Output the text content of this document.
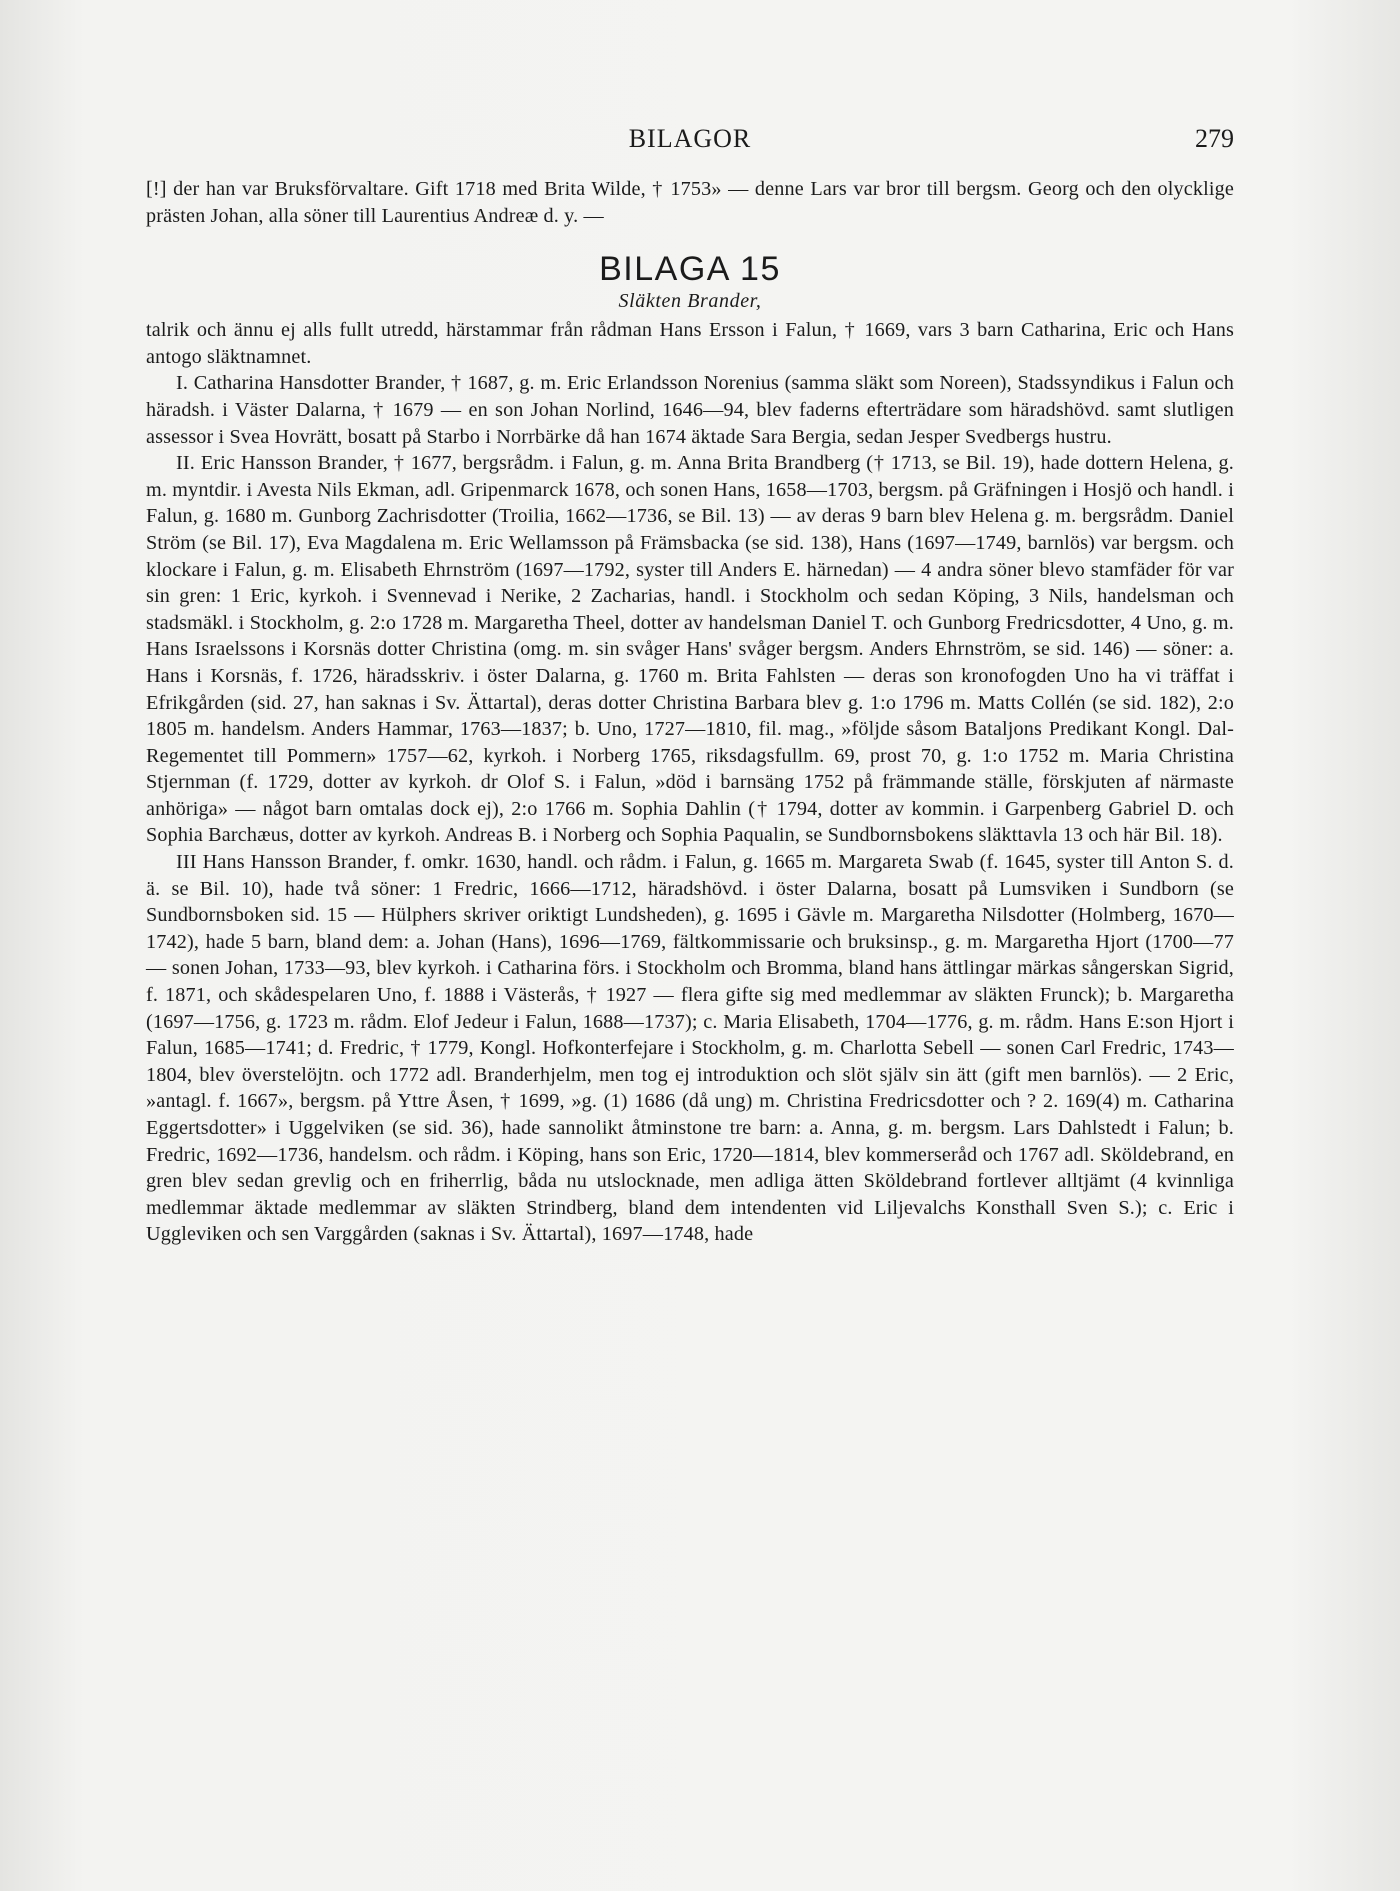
BILAGOR	279

[!] der han var Bruksförvaltare. Gift 1718 med Brita Wilde, † 1753» — denne Lars var bror till bergsm. Georg och den olycklige prästen Johan, alla söner till Laurentius Andreæ d. y. —

BILAGA 15

Släkten Brander,

talrik och ännu ej alls fullt utredd, härstammar från rådman Hans Ersson i Falun, † 1669, vars 3 barn Catharina, Eric och Hans antogo släktnamnet.

I. Catharina Hansdotter Brander, † 1687, g. m. Eric Erlandsson Norenius (samma släkt som Noreen), Stadssyndikus i Falun och häradsh. i Väster Dalarna, † 1679 — en son Johan Norlind, 1646—94, blev faderns efterträdare som häradshövd. samt slutligen assessor i Svea Hovrätt, bosatt på Starbo i Norrbärke då han 1674 äktade Sara Bergia, sedan Jesper Svedbergs hustru.

II. Eric Hansson Brander, † 1677, bergsrådm. i Falun, g. m. Anna Brita Brandberg († 1713, se Bil. 19), hade dottern Helena, g. m. myntdir. i Avesta Nils Ekman, adl. Gripenmarck 1678, och sonen Hans, 1658—1703, bergsm. på Gräfningen i Hosjö och handl. i Falun, g. 1680 m. Gunborg Zachrisdotter (Troilia, 1662—1736, se Bil. 13) — av deras 9 barn blev Helena g. m. bergsrådm. Daniel Ström (se Bil. 17), Eva Magdalena m. Eric Wellamsson på Främsbacka (se sid. 138), Hans (1697—1749, barnlös) var bergsm. och klockare i Falun, g. m. Elisabeth Ehrnström (1697—1792, syster till Anders E. härnedan) — 4 andra söner blevo stamfäder för var sin gren: 1 Eric, kyrkoh. i Svennevad i Nerike, 2 Zacharias, handl. i Stockholm och sedan Köping, 3 Nils, handelsman och stadsmäkl. i Stockholm, g. 2:o 1728 m. Margaretha Theel, dotter av handelsman Daniel T. och Gunborg Fredricsdotter, 4 Uno, g. m. Hans Israelssons i Korsnäs dotter Christina (omg. m. sin svåger Hans' svåger bergsm. Anders Ehrnström, se sid. 146) — söner: a. Hans i Korsnäs, f. 1726, häradsskriv. i öster Dalarna, g. 1760 m. Brita Fahlsten — deras son kronofogden Uno ha vi träffat i Efrikgården (sid. 27, han saknas i Sv. Ättartal), deras dotter Christina Barbara blev g. 1:o 1796 m. Matts Collén (se sid. 182), 2:o 1805 m. handelsm. Anders Hammar, 1763—1837; b. Uno, 1727—1810, fil. mag., »följde såsom Bataljons Predikant Kongl. Dal-Regementet till Pommern» 1757—62, kyrkoh. i Norberg 1765, riksdagsfullm. 69, prost 70, g. 1:o 1752 m. Maria Christina Stjernman (f. 1729, dotter av kyrkoh. dr Olof S. i Falun, »död i barnsäng 1752 på främmande ställe, förskjuten af närmaste anhöriga» — något barn omtalas dock ej), 2:o 1766 m. Sophia Dahlin († 1794, dotter av kommin. i Garpenberg Gabriel D. och Sophia Barchæus, dotter av kyrkoh. Andreas B. i Norberg och Sophia Paqualin, se Sundbornsbokens släkttavla 13 och här Bil. 18).

III Hans Hansson Brander, f. omkr. 1630, handl. och rådm. i Falun, g. 1665 m. Margareta Swab (f. 1645, syster till Anton S. d. ä. se Bil. 10), hade två söner: 1 Fredric, 1666—1712, häradshövd. i öster Dalarna, bosatt på Lumsviken i Sundborn (se Sundbornsboken sid. 15 — Hülphers skriver oriktigt Lundsheden), g. 1695 i Gävle m. Margaretha Nilsdotter (Holmberg, 1670—1742), hade 5 barn, bland dem: a. Johan (Hans), 1696—1769, fältkommissarie och bruksinsp., g. m. Margaretha Hjort (1700—77 — sonen Johan, 1733—93, blev kyrkoh. i Catharina förs. i Stockholm och Bromma, bland hans ättlingar märkas sångerskan Sigrid, f. 1871, och skådespelaren Uno, f. 1888 i Västerås, † 1927 — flera gifte sig med medlemmar av släkten Frunck); b. Margaretha (1697—1756, g. 1723 m. rådm. Elof Jedeur i Falun, 1688—1737); c. Maria Elisabeth, 1704—1776, g. m. rådm. Hans E:son Hjort i Falun, 1685—1741; d. Fredric, † 1779, Kongl. Hofkonterfejare i Stockholm, g. m. Charlotta Sebell — sonen Carl Fredric, 1743—1804, blev överstelöjtn. och 1772 adl. Branderhjelm, men tog ej introduktion och slöt själv sin ätt (gift men barnlös). — 2 Eric, »antagl. f. 1667», bergsm. på Yttre Åsen, † 1699, »g. (1) 1686 (då ung) m. Christina Fredricsdotter och ? 2. 169(4) m. Catharina Eggertsdotter» i Uggelviken (se sid. 36), hade sannolikt åtminstone tre barn: a. Anna, g. m. bergsm. Lars Dahlstedt i Falun; b. Fredric, 1692—1736, handelsm. och rådm. i Köping, hans son Eric, 1720—1814, blev kommerseråd och 1767 adl. Sköldebrand, en gren blev sedan grevlig och en friherrlig, båda nu utslocknade, men adliga ätten Sköldebrand fortlever alltjämt (4 kvinnliga medlemmar äktade medlemmar av släkten Strindberg, bland dem intendenten vid Liljevalchs Konsthall Sven S.); c. Eric i Uggleviken och sen Varggården (saknas i Sv. Ättartal), 1697—1748, hade
